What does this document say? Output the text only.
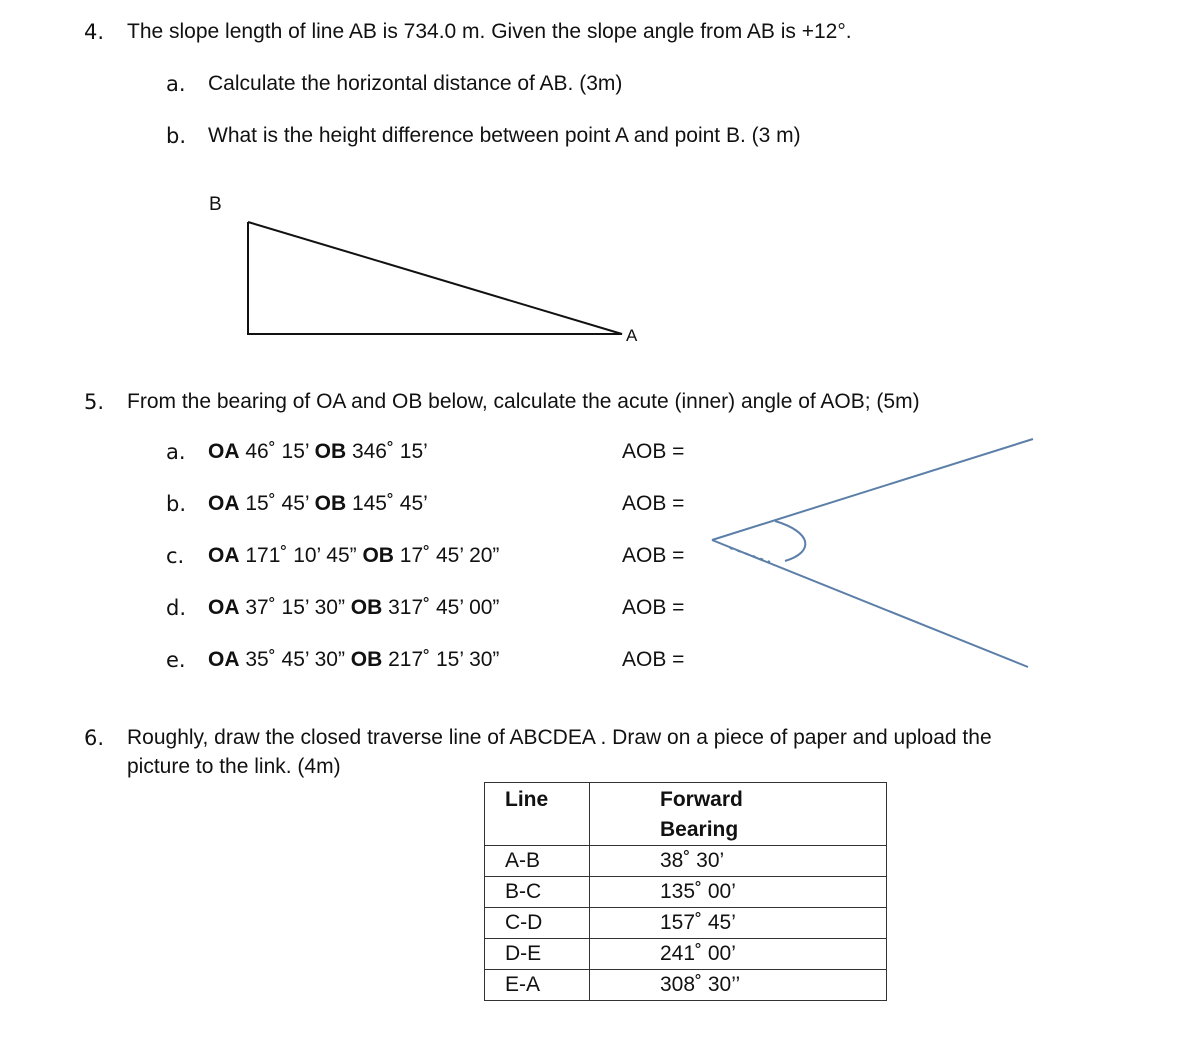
4. The slope length of line AB is 734.0 m. Given the slope angle from AB is +12°.
a. Calculate the horizontal distance of AB. (3m)
b. What is the height difference between point A and point B. (3 m)
B
A
5. From the bearing of OA and OB below, calculate the acute (inner) angle of AOB; (5m)
a. OA 46˚ 15’ OB 346˚ 15’	AOB =
b. OA 15˚ 45’ OB 145˚ 45’	AOB =
c. OA 171˚ 10’ 45” OB 17˚ 45’ 20”	AOB =
d. OA 37˚ 15’ 30” OB 317˚ 45’ 00”	AOB =
e. OA 35˚ 45’ 30” OB 217˚ 15’ 30”	AOB =
6. Roughly, draw the closed traverse line of ABCDEA . Draw on a piece of paper and upload the
picture to the link. (4m)
Line	Forward
Bearing

A-B	38˚ 30’
B-C	135˚ 00’
C-D	157˚ 45’
D-E	241˚ 00’
E-A	308˚ 30’’
